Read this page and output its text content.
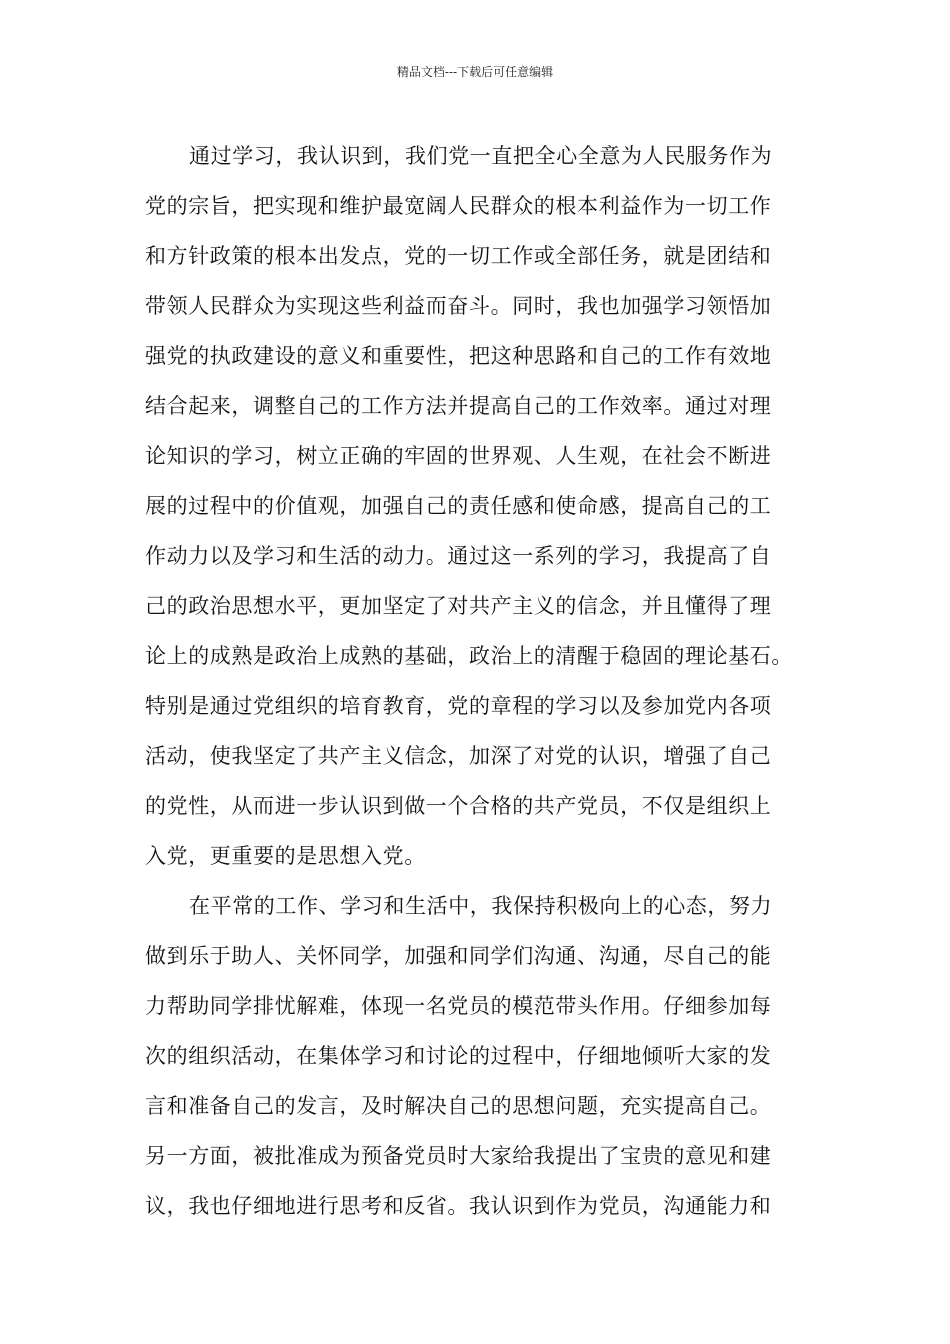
精品文档---下载后可任意编辑
通过学习，我认识到，我们党一直把全心全意为人民服务作为
党的宗旨，把实现和维护最宽阔人民群众的根本利益作为一切工作
和方针政策的根本出发点，党的一切工作或全部任务，就是团结和
带领人民群众为实现这些利益而奋斗。同时，我也加强学习领悟加
强党的执政建设的意义和重要性，把这种思路和自己的工作有效地
结合起来，调整自己的工作方法并提高自己的工作效率。通过对理
论知识的学习，树立正确的牢固的世界观、人生观，在社会不断进
展的过程中的价值观，加强自己的责任感和使命感，提高自己的工
作动力以及学习和生活的动力。通过这一系列的学习，我提高了自
己的政治思想水平，更加坚定了对共产主义的信念，并且懂得了理
论上的成熟是政治上成熟的基础，政治上的清醒于稳固的理论基石。
特别是通过党组织的培育教育，党的章程的学习以及参加党内各项
活动，使我坚定了共产主义信念，加深了对党的认识，增强了自己
的党性，从而进一步认识到做一个合格的共产党员，不仅是组织上
入党，更重要的是思想入党。
在平常的工作、学习和生活中，我保持积极向上的心态，努力
做到乐于助人、关怀同学，加强和同学们沟通、沟通，尽自己的能
力帮助同学排忧解难，体现一名党员的模范带头作用。仔细参加每
次的组织活动，在集体学习和讨论的过程中，仔细地倾听大家的发
言和准备自己的发言，及时解决自己的思想问题，充实提高自己。
另一方面，被批准成为预备党员时大家给我提出了宝贵的意见和建
议，我也仔细地进行思考和反省。我认识到作为党员，沟通能力和
